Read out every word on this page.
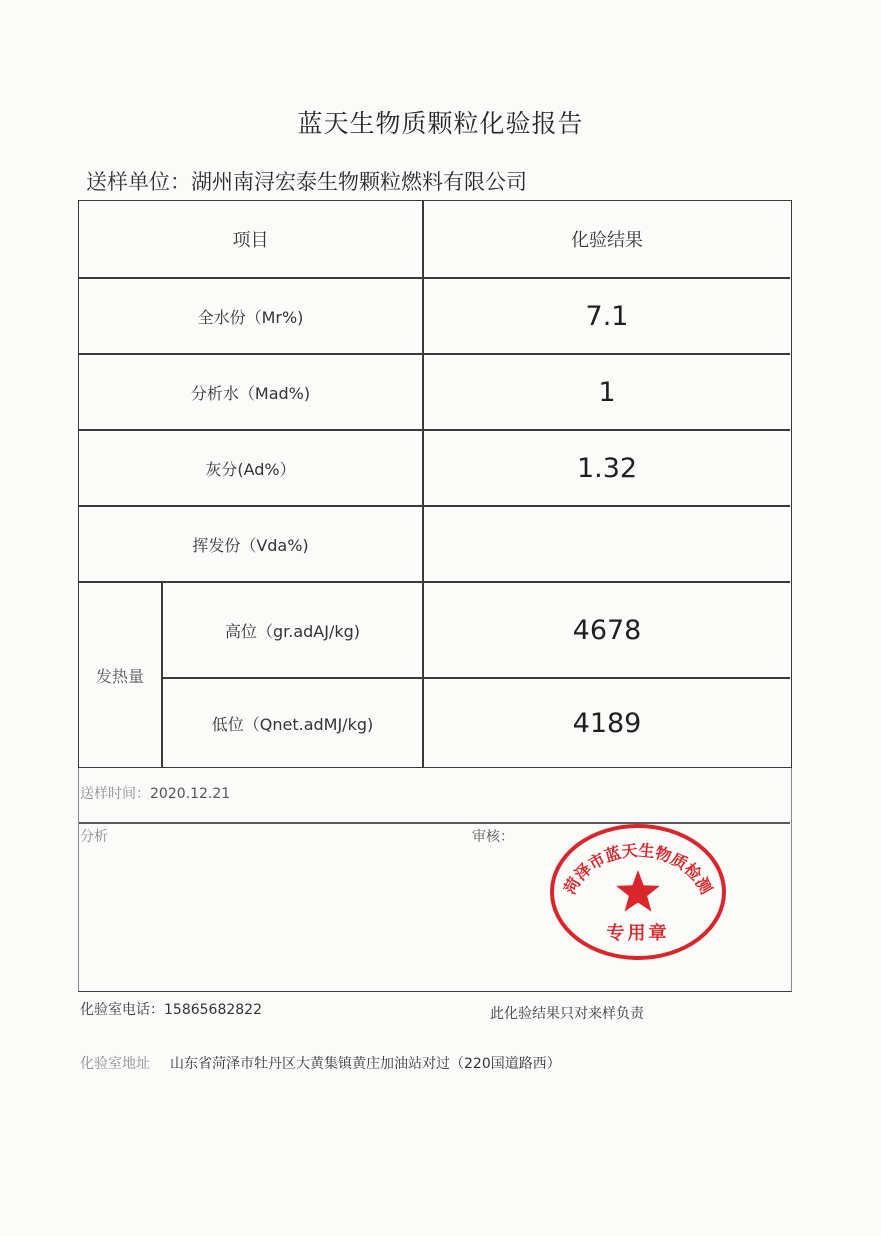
蓝天生物质颗粒化验报告
送样单位：湖州南浔宏泰生物颗粒燃料有限公司
项目	化验结果
全水份（Mr%)	7.1
分析水（Mad%)	1
灰分(Ad%）	1.32
挥发份（Vda%)
发热量
高位（gr.adAJ/kg)	4678
低位（Qnet.adMJ/kg)	4189
送样时间：2020.12.21
分析	审核：
菏泽市蓝天生物质检测
专用章
化验室电话：15865682822	此化验结果只对来样负责
化验室地址 山东省菏泽市牡丹区大黄集镇黄庄加油站对过（220国道路西）
